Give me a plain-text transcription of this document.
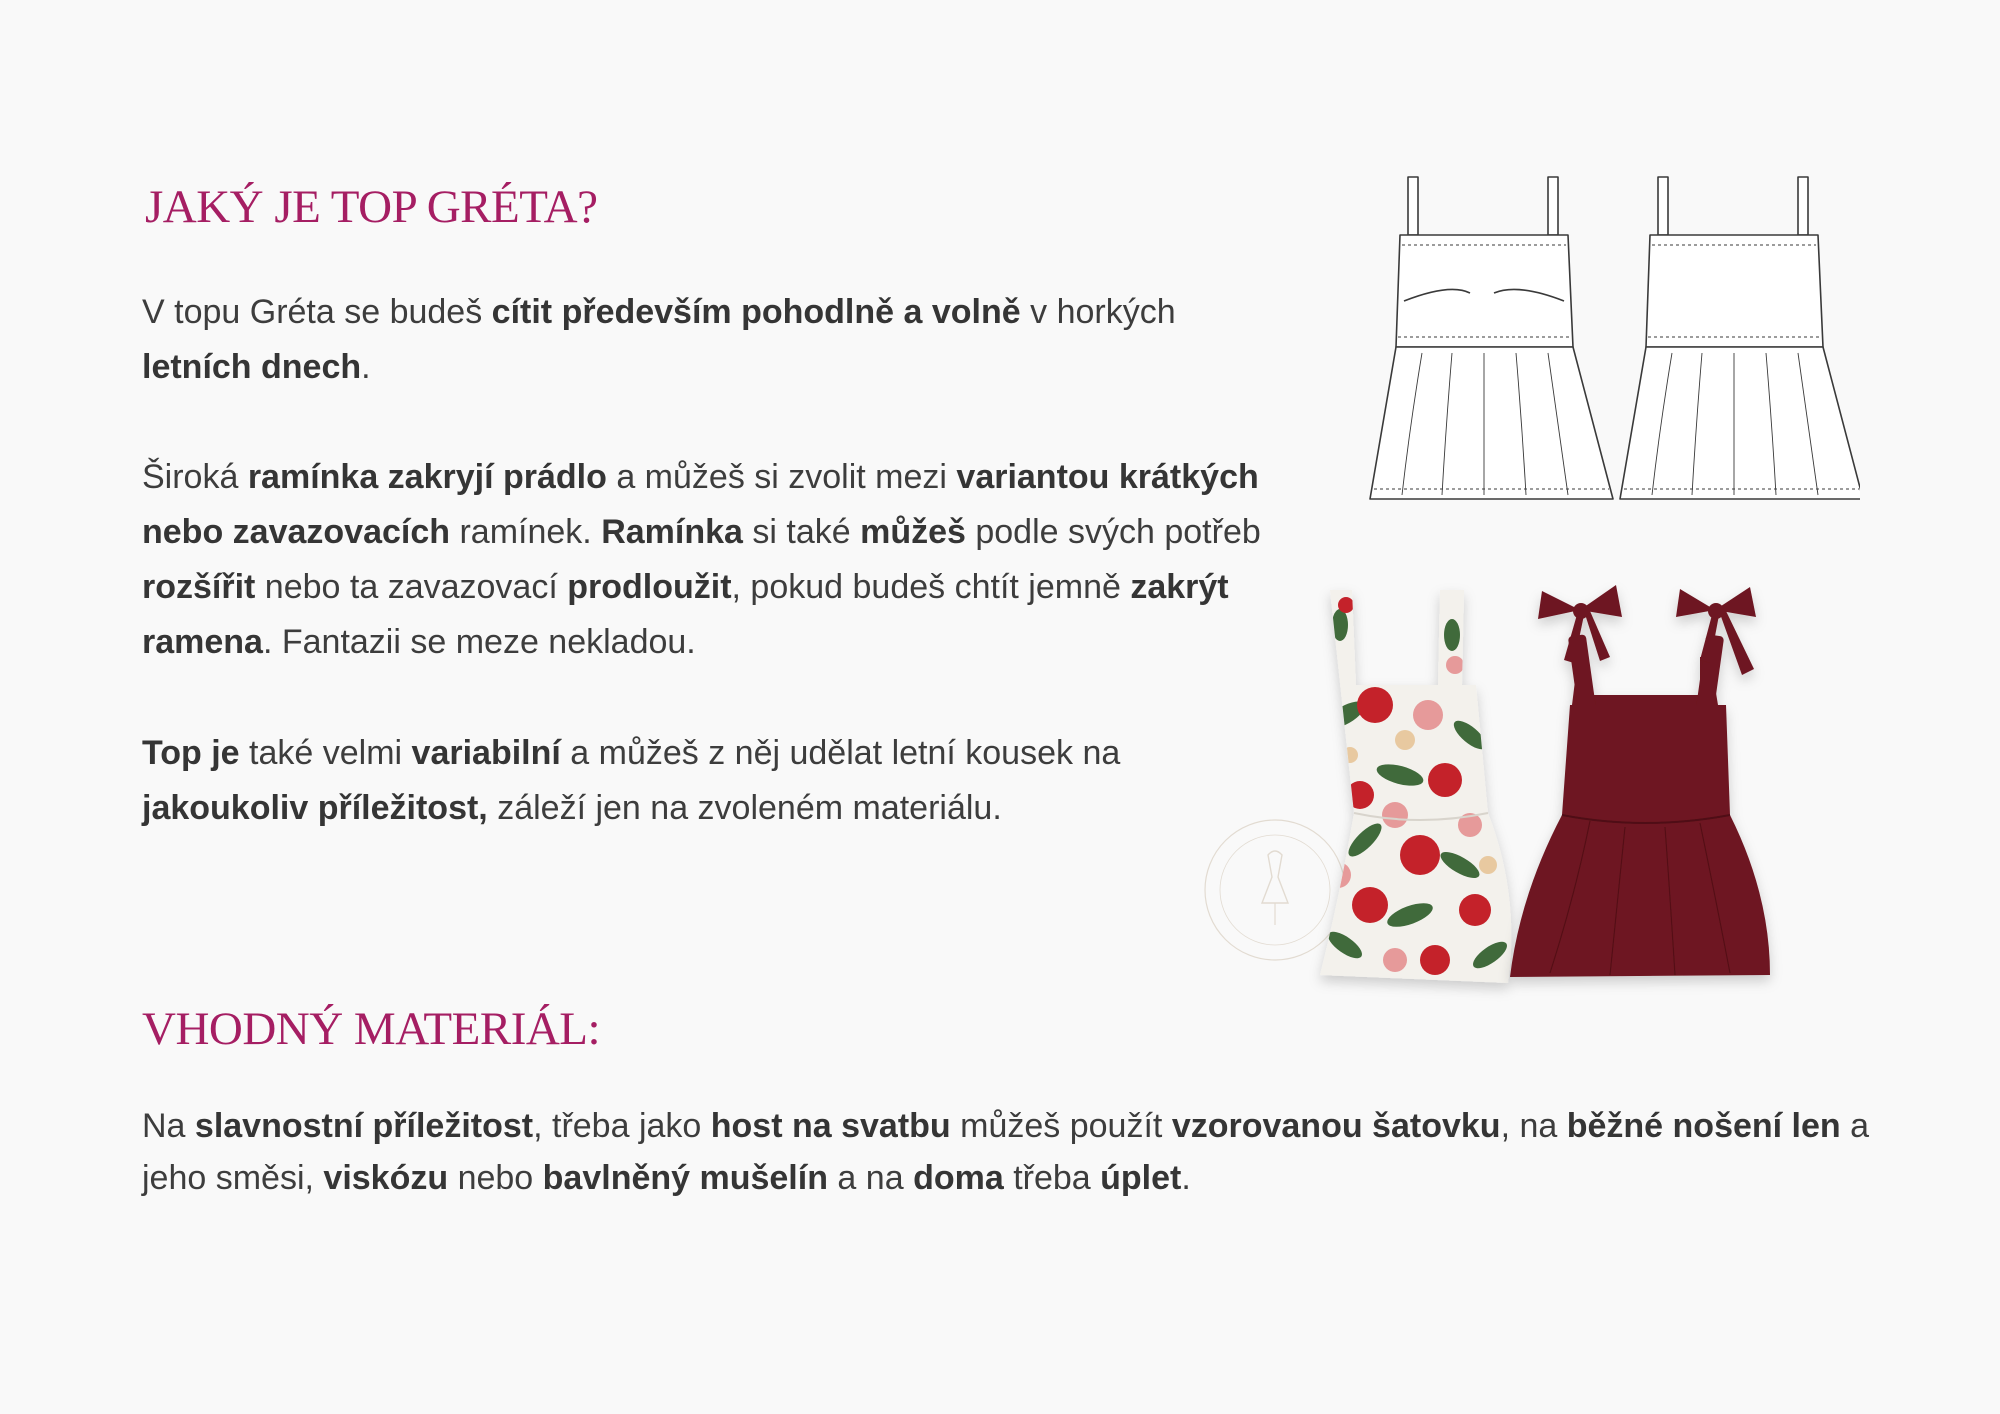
JAKÝ JE TOP GRÉTA?

V topu Gréta se budeš cítit především pohodlně a volně v horkých letních dnech.

Široká ramínka zakryjí prádlo a můžeš si zvolit mezi variantou krátkých nebo zavazovacích ramínek. Ramínka si také můžeš podle svých potřeb rozšířit nebo ta zavazovací prodloužit, pokud budeš chtít jemně zakrýt ramena. Fantazii se meze nekladou.

Top je také velmi variabilní a můžeš z něj udělat letní kousek na jakoukoliv příležitost, záleží jen na zvoleném materiálu.

VHODNÝ MATERIÁL:

Na slavnostní příležitost, třeba jako host na svatbu můžeš použít vzorovanou šatovku, na běžné nošení len a jeho směsi, viskózu nebo bavlněný mušelín a na doma třeba úplet.
